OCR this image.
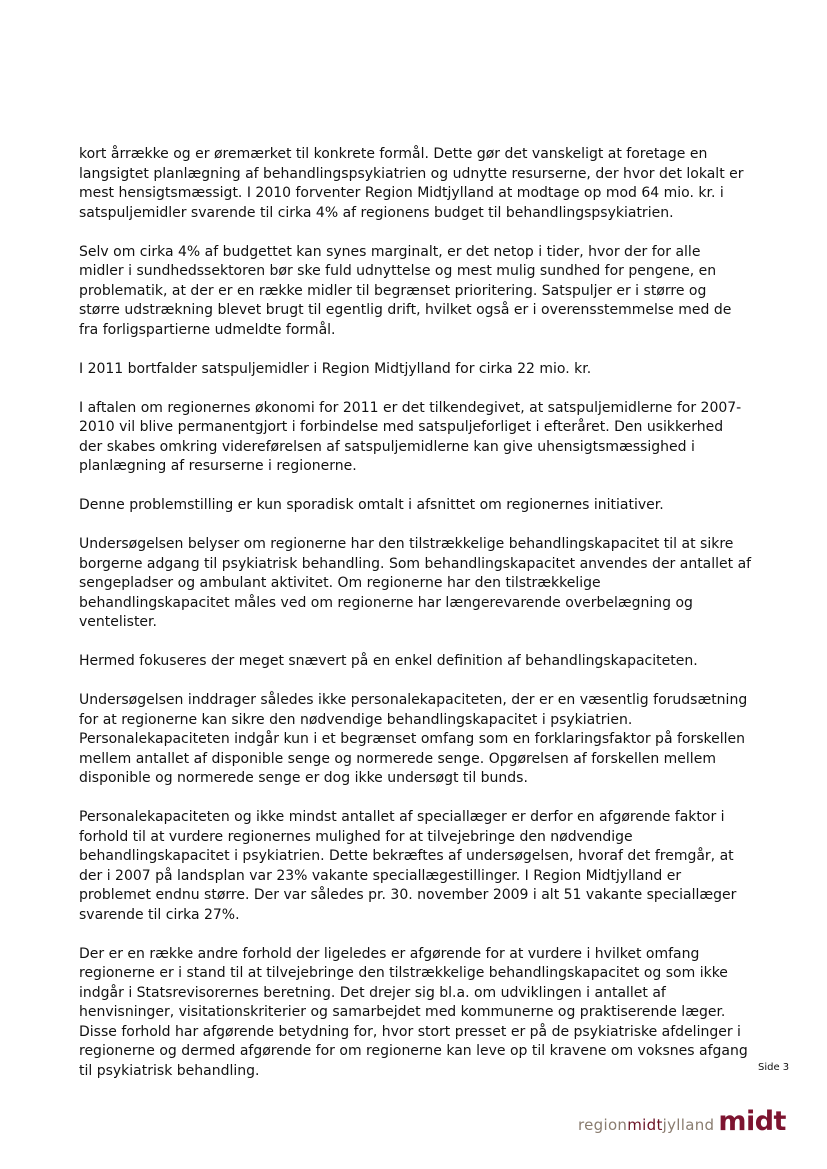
kort årrække og er øremærket til konkrete formål. Dette gør det vanskeligt at foretage en
langsigtet planlægning af behandlingspsykiatrien og udnytte resurserne, der hvor det lokalt er
mest hensigtsmæssigt. I 2010 forventer Region Midtjylland at modtage op mod 64 mio. kr. i
satspuljemidler svarende til cirka 4% af regionens budget til behandlingspsykiatrien.

Selv om cirka 4% af budgettet kan synes marginalt, er det netop i tider, hvor der for alle
midler i sundhedssektoren bør ske fuld udnyttelse og mest mulig sundhed for pengene, en
problematik, at der er en række midler til begrænset prioritering. Satspuljer er i større og
større udstrækning blevet brugt til egentlig drift, hvilket også er i overensstemmelse med de
fra forligspartierne udmeldte formål.

I 2011 bortfalder satspuljemidler i Region Midtjylland for cirka 22 mio. kr.

I aftalen om regionernes økonomi for 2011 er det tilkendegivet, at satspuljemidlerne for 2007-
2010 vil blive permanentgjort i forbindelse med satspuljeforliget i efteråret. Den usikkerhed
der skabes omkring videreførelsen af satspuljemidlerne kan give uhensigtsmæssighed i
planlægning af resurserne i regionerne.

Denne problemstilling er kun sporadisk omtalt i afsnittet om regionernes initiativer.

Undersøgelsen belyser om regionerne har den tilstrækkelige behandlingskapacitet til at sikre
borgerne adgang til psykiatrisk behandling. Som behandlingskapacitet anvendes der antallet af
sengepladser og ambulant aktivitet. Om regionerne har den tilstrækkelige
behandlingskapacitet måles ved om regionerne har længerevarende overbelægning og
ventelister.

Hermed fokuseres der meget snævert på en enkel definition af behandlingskapaciteten.

Undersøgelsen inddrager således ikke personalekapaciteten, der er en væsentlig forudsætning
for at regionerne kan sikre den nødvendige behandlingskapacitet i psykiatrien.
Personalekapaciteten indgår kun i et begrænset omfang som en forklaringsfaktor på forskellen
mellem antallet af disponible senge og normerede senge. Opgørelsen af forskellen mellem
disponible og normerede senge er dog ikke undersøgt til bunds.

Personalekapaciteten og ikke mindst antallet af speciallæger er derfor en afgørende faktor i
forhold til at vurdere regionernes mulighed for at tilvejebringe den nødvendige
behandlingskapacitet i psykiatrien. Dette bekræftes af undersøgelsen, hvoraf det fremgår, at
der i 2007 på landsplan var 23% vakante speciallægestillinger. I Region Midtjylland er
problemet endnu større. Der var således pr. 30. november 2009 i alt 51 vakante speciallæger
svarende til cirka 27%.

Der er en række andre forhold der ligeledes er afgørende for at vurdere i hvilket omfang
regionerne er i stand til at tilvejebringe den tilstrækkelige behandlingskapacitet og som ikke
indgår i Statsrevisorernes beretning. Det drejer sig bl.a. om udviklingen i antallet af
henvisninger, visitationskriterier og samarbejdet med kommunerne og praktiserende læger.
Disse forhold har afgørende betydning for, hvor stort presset er på de psykiatriske afdelinger i
regionerne og dermed afgørende for om regionerne kan leve op til kravene om voksnes afgang
til psykiatrisk behandling.	Side 3
regionmidtjylland midt
